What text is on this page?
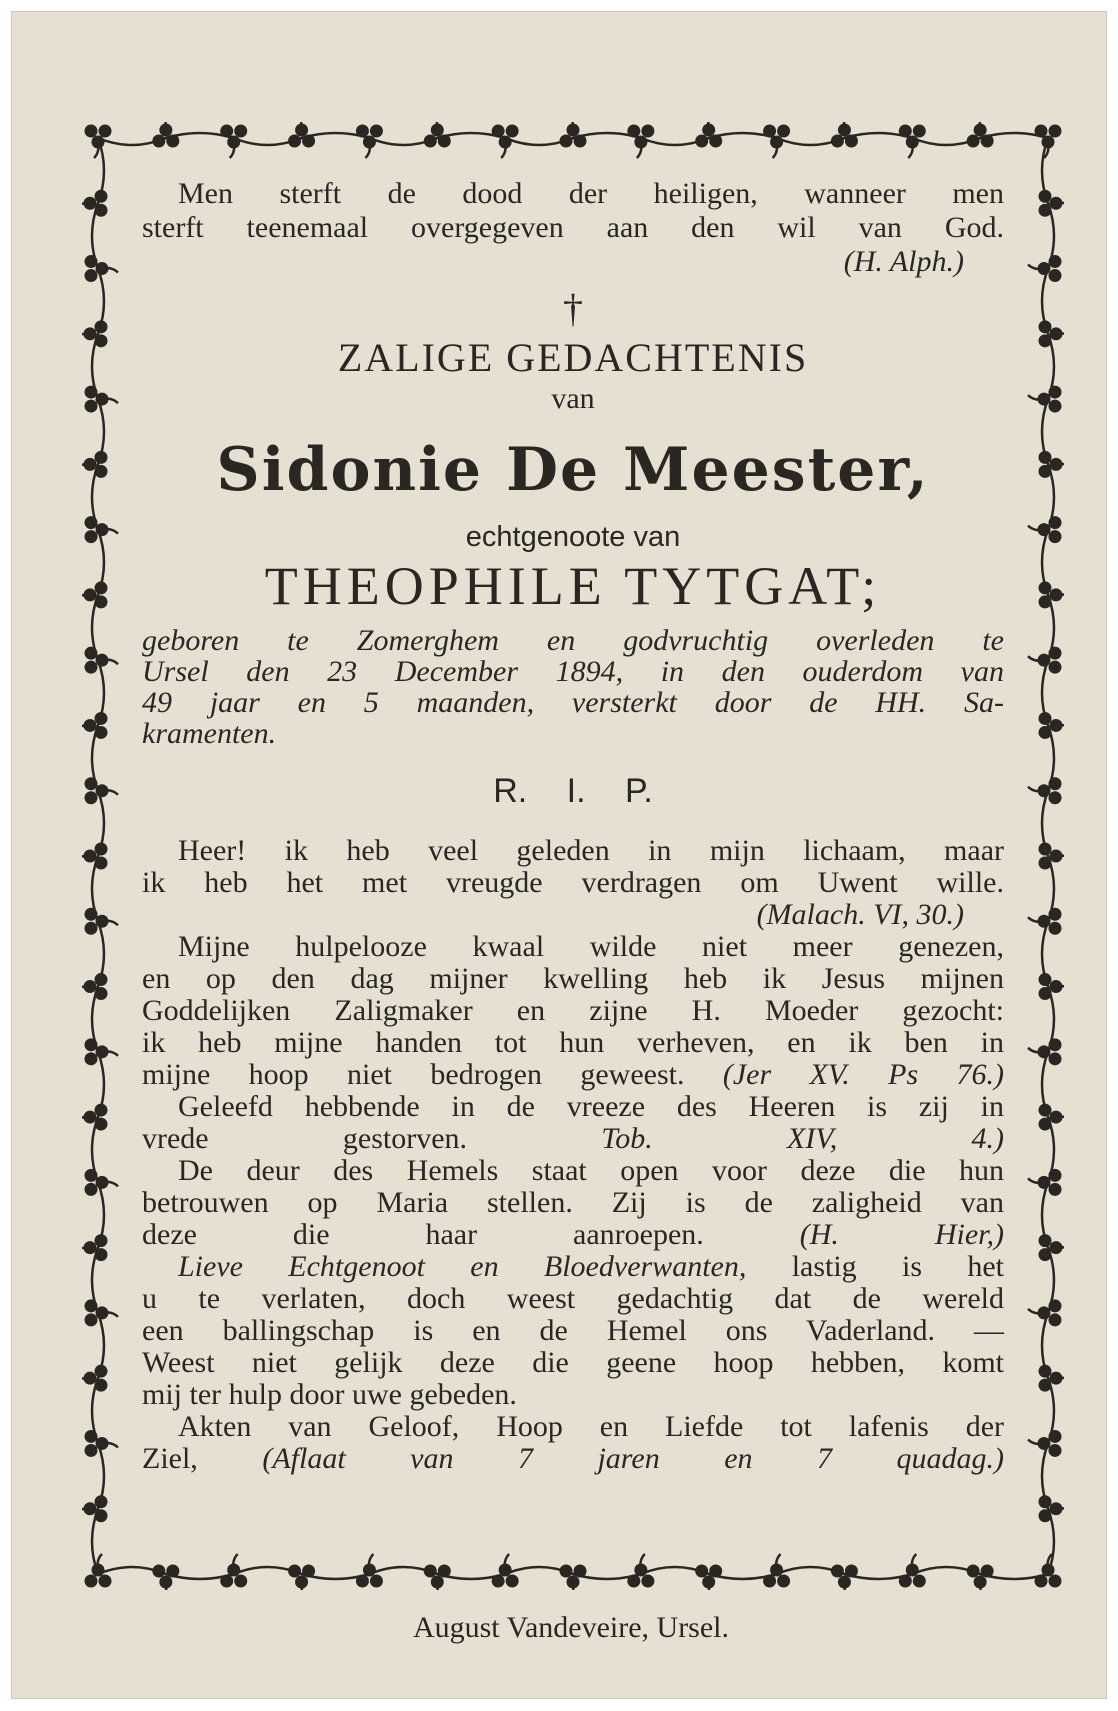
Men sterft de dood der heiligen, wanneer men
sterft teenemaal overgegeven aan den wil van God.
(H. Alph.)
†
ZALIGE GEDACHTENIS
van
Sidonie De Meester,
echtgenoote van
THEOPHILE TYTGAT;
geboren te Zomerghem en godvruchtig overleden te
Ursel den 23 December 1894, in den ouderdom van
49 jaar en 5 maanden, versterkt door de HH. Sa-
kramenten.
R. I. P.
Heer! ik heb veel geleden in mijn lichaam, maar
ik heb het met vreugde verdragen om Uwent wille.
(Malach. VI, 30.)
Mijne hulpelooze kwaal wilde niet meer genezen,
en op den dag mijner kwelling heb ik Jesus mijnen
Goddelijken Zaligmaker en zijne H. Moeder gezocht:
ik heb mijne handen tot hun verheven, en ik ben in
mijne hoop niet bedrogen geweest. (Jer XV. Ps 76.)
Geleefd hebbende in de vreeze des Heeren is zij in
vrede gestorven.	Tob. XIV, 4.)
De deur des Hemels staat open voor deze die hun
betrouwen op Maria stellen. Zij is de zaligheid van
deze die haar aanroepen.	(H. Hier,)
Lieve Echtgenoot en Bloedverwanten, lastig is het
u te verlaten, doch weest gedachtig dat de wereld
een ballingschap is en de Hemel ons Vaderland. —
Weest niet gelijk deze die geene hoop hebben, komt
mij ter hulp door uwe gebeden.
Akten van Geloof, Hoop en Liefde tot lafenis der
Ziel, (Aflaat van 7 jaren en 7 quadag.)
August Vandeveire, Ursel.
